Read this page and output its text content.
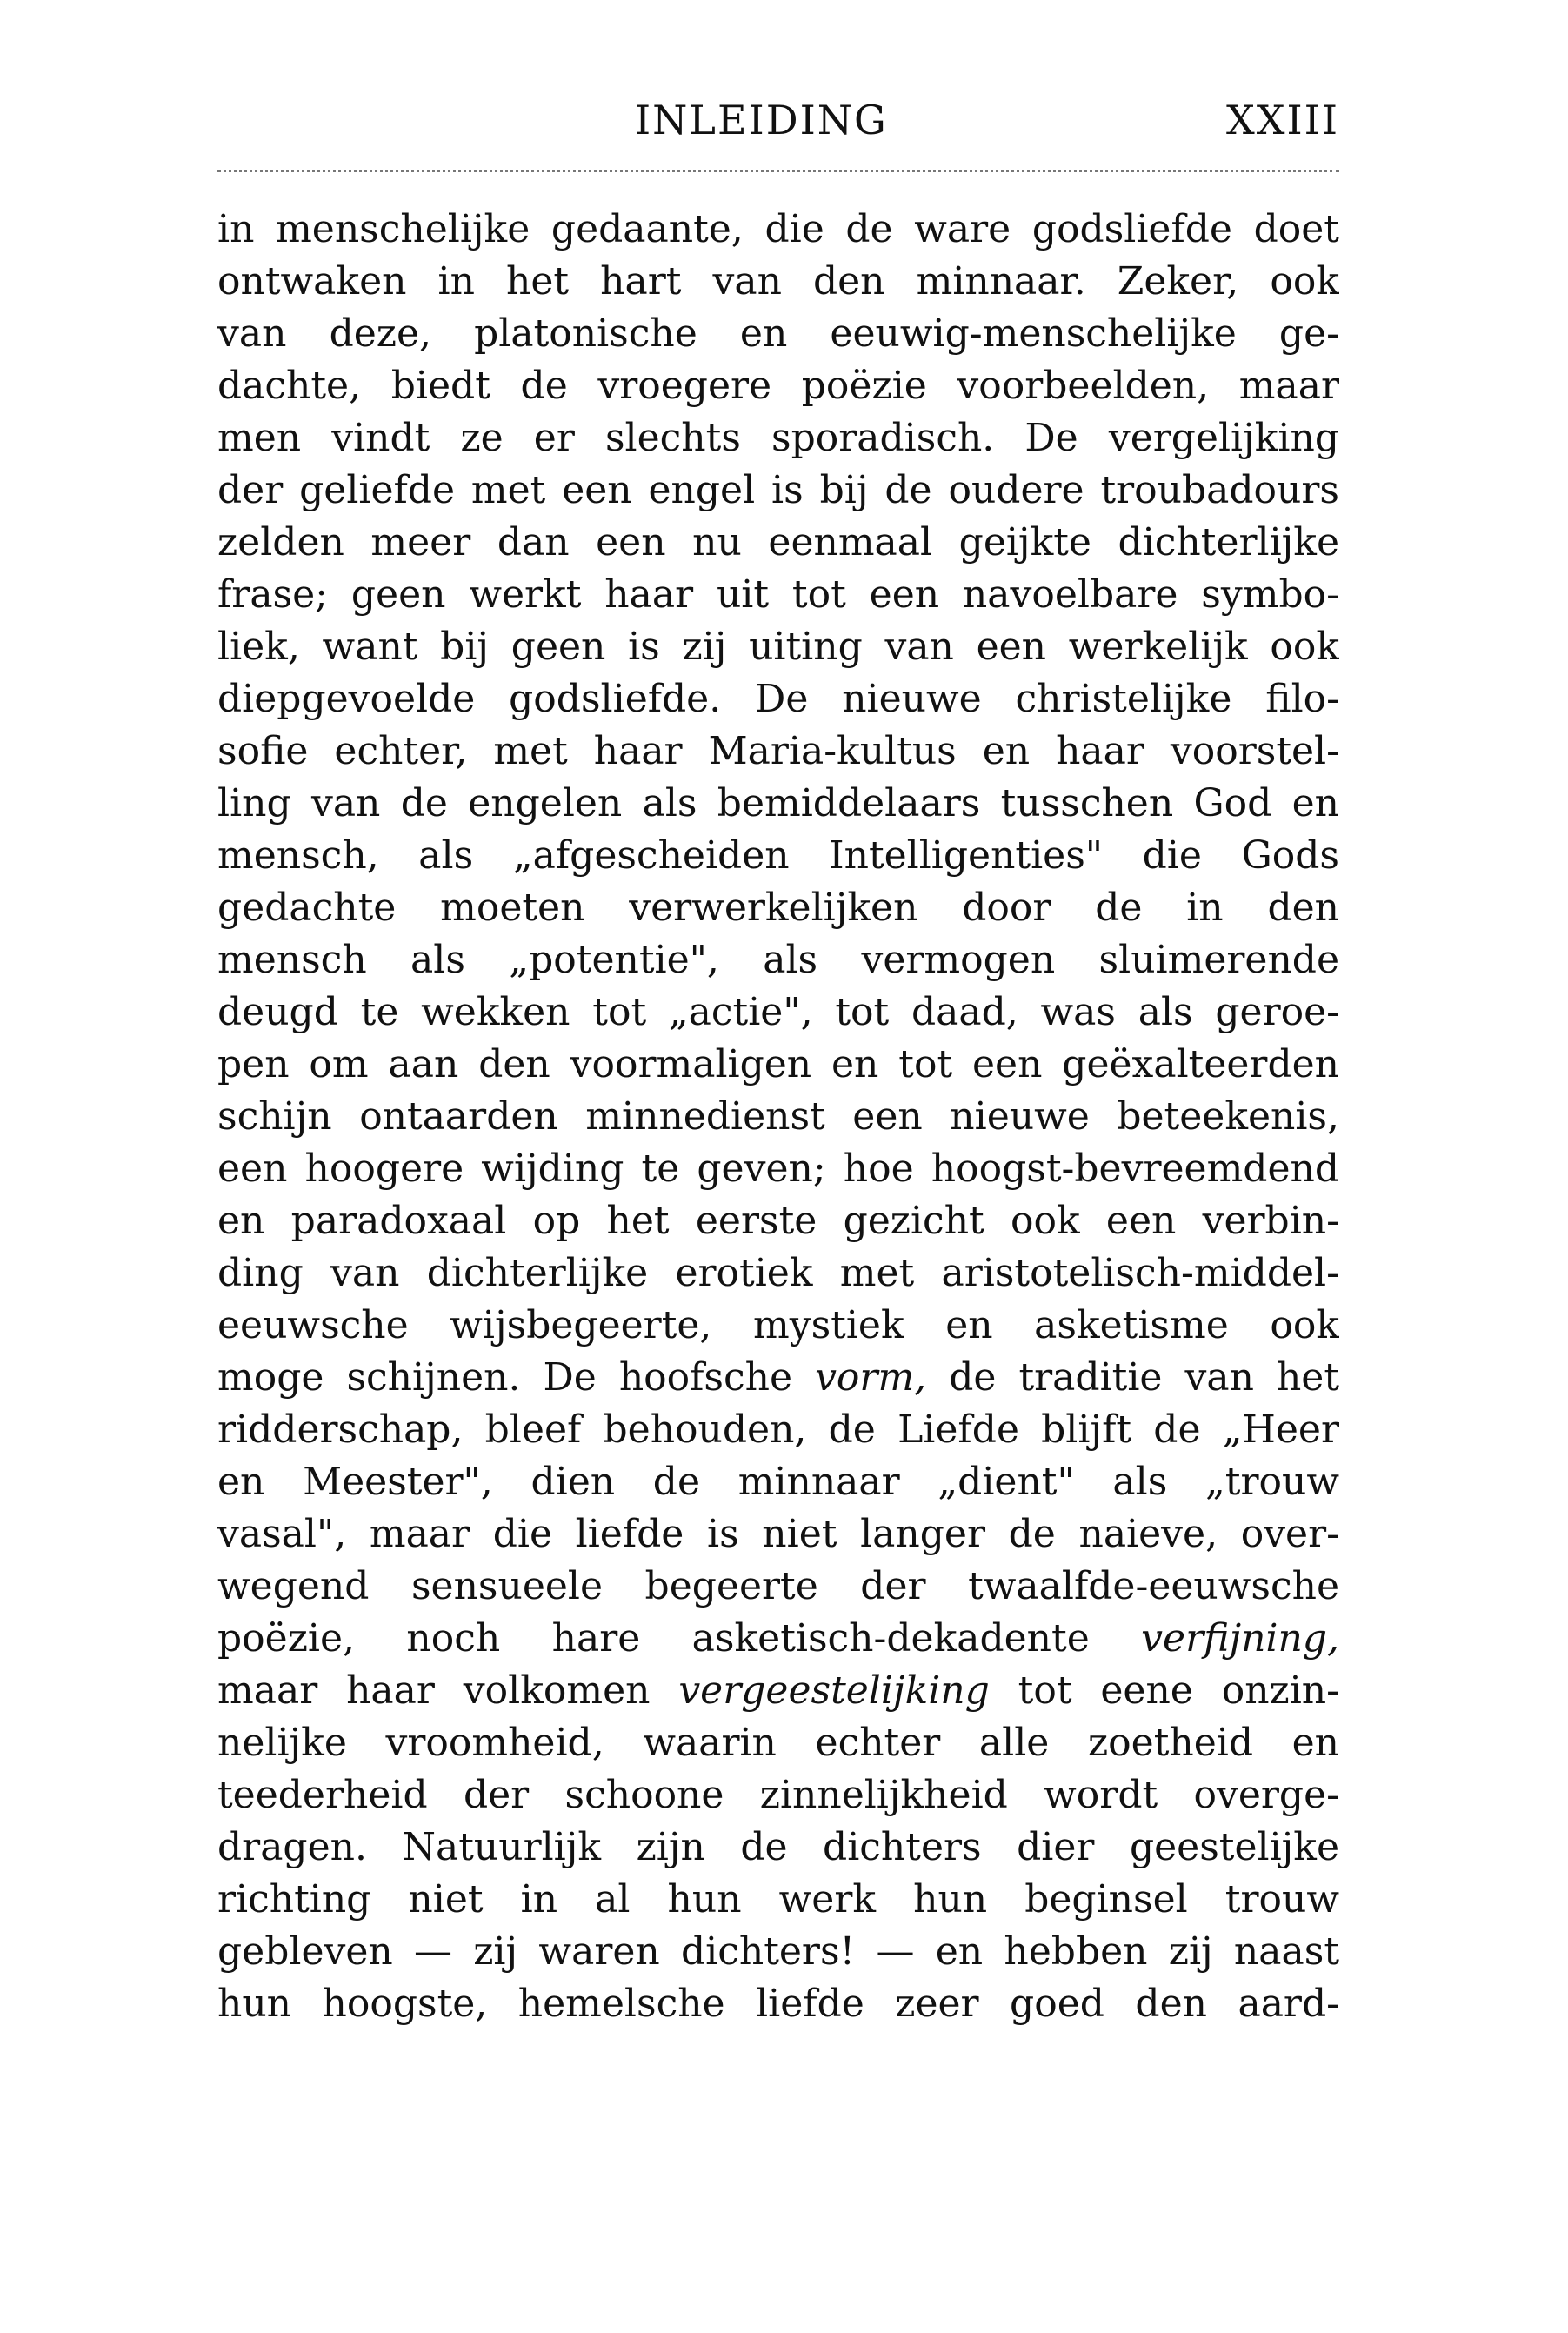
INLEIDING	XXIII
in menschelijke gedaante, die de ware godsliefde doet
ontwaken in het hart van den minnaar. Zeker, ook
van deze, platonische en eeuwig-menschelijke ge-
dachte, biedt de vroegere poëzie voorbeelden, maar
men vindt ze er slechts sporadisch. De vergelijking
der geliefde met een engel is bij de oudere troubadours
zelden meer dan een nu eenmaal geijkte dichterlijke
frase; geen werkt haar uit tot een navoelbare symbo-
liek, want bij geen is zij uiting van een werkelijk ook
diepgevoelde godsliefde. De nieuwe christelijke filo-
sofie echter, met haar Maria-kultus en haar voorstel-
ling van de engelen als bemiddelaars tusschen God en
mensch, als „afgescheiden Intelligenties" die Gods
gedachte moeten verwerkelijken door de in den
mensch als „potentie", als vermogen sluimerende
deugd te wekken tot „actie", tot daad, was als geroe-
pen om aan den voormaligen en tot een geëxalteerden
schijn ontaarden minnedienst een nieuwe beteekenis,
een hoogere wijding te geven; hoe hoogst-bevreemdend
en paradoxaal op het eerste gezicht ook een verbin-
ding van dichterlijke erotiek met aristotelisch-middel-
eeuwsche wijsbegeerte, mystiek en asketisme ook
moge schijnen. De hoofsche vorm, de traditie van het
ridderschap, bleef behouden, de Liefde blijft de „Heer
en Meester", dien de minnaar „dient" als „trouw
vasal", maar die liefde is niet langer de naieve, over-
wegend sensueele begeerte der twaalfde-eeuwsche
poëzie, noch hare asketisch-dekadente verfijning,
maar haar volkomen vergeestelijking tot eene onzin-
nelijke vroomheid, waarin echter alle zoetheid en
teederheid der schoone zinnelijkheid wordt overge-
dragen. Natuurlijk zijn de dichters dier geestelijke
richting niet in al hun werk hun beginsel trouw
gebleven — zij waren dichters! — en hebben zij naast
hun hoogste, hemelsche liefde zeer goed den aard-
